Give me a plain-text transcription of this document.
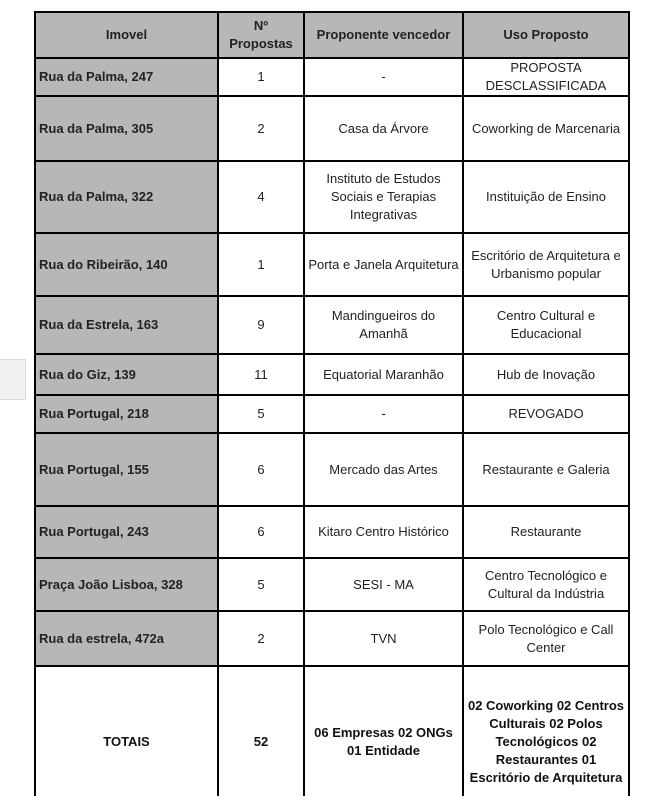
Imovel	Nº Propostas	Proponente vencedor	Uso Proposto
Rua da Palma, 247	1	-	PROPOSTA DESCLASSIFICADA
Rua da Palma, 305	2	Casa da Árvore	Coworking de Marcenaria
Rua da Palma, 322	4	Instituto de Estudos Sociais e Terapias Integrativas	Instituição de Ensino
Rua do Ribeirão, 140	1	Porta e Janela Arquitetura	Escritório de Arquitetura e Urbanismo popular
Rua da Estrela, 163	9	Mandingueiros do Amanhã	Centro Cultural e Educacional
Rua do Giz, 139	11	Equatorial Maranhão	Hub de Inovação
Rua Portugal, 218	5	-	REVOGADO
Rua Portugal, 155	6	Mercado das Artes	Restaurante e Galeria
Rua Portugal, 243	6	Kitaro Centro Histórico	Restaurante
Praça João Lisboa, 328	5	SESI - MA	Centro Tecnológico e Cultural da Indústria
Rua da estrela, 472a	2	TVN	Polo Tecnológico e Call Center
TOTAIS	52	06 Empresas 02 ONGs 01 Entidade	02 Coworking 02 Centros Culturais 02 Polos Tecnológicos 02 Restaurantes 01 Escritório de Arquitetura
